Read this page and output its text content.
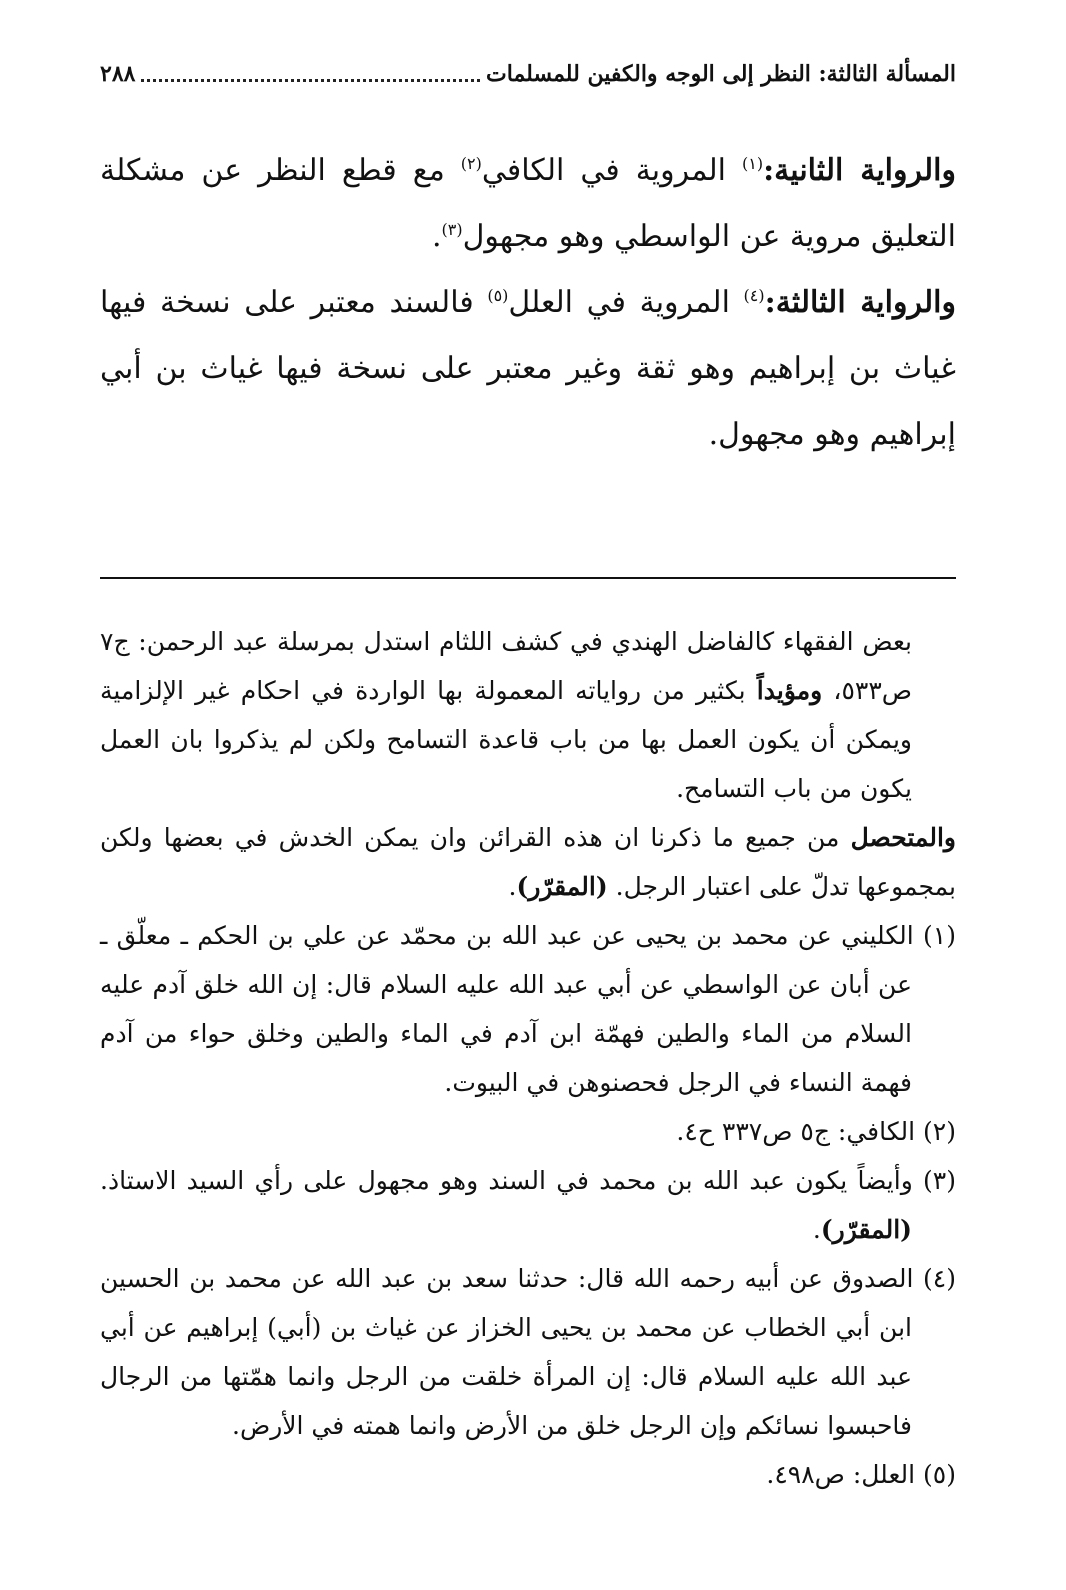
المسألة الثالثة: النظر إلى الوجه والكفين للمسلمات
٢٨٨

والرواية الثانية:$^{(١)}$ المروية في الكافي$^{(٢)}$ مع قطع النظر عن مشكلة التعليق مروية عن الواسطي وهو مجهول$^{(٣)}$.

والرواية الثالثة:$^{(٤)}$ المروية في العلل$^{(٥)}$ فالسند معتبر على نسخة فيها غياث بن إبراهيم وهو ثقة وغير معتبر على نسخة فيها غياث بن أبي إبراهيم وهو مجهول.

بعض الفقهاء كالفاضل الهندي في كشف اللثام استدل بمرسلة عبد الرحمن: ج٧ ص٥٣٣، ومؤيداً بكثير من رواياته المعمولة بها الواردة في احكام غير الإلزامية ويمكن أن يكون العمل بها من باب قاعدة التسامح ولكن لم يذكروا بان العمل يكون من باب التسامح.

والمتحصل من جميع ما ذكرنا ان هذه القرائن وان يمكن الخدش في بعضها ولكن بمجموعها تدلّ على اعتبار الرجل. (المقرّر).

(١) الكليني عن محمد بن يحيى عن عبد الله بن محمّد عن علي بن الحكم ـ معلّق ـ عن أبان عن الواسطي عن أبي عبد الله عليه السلام قال: إن الله خلق آدم عليه السلام من الماء والطين فهمّة ابن آدم في الماء والطين وخلق حواء من آدم فهمة النساء في الرجل فحصنوهن في البيوت.

(٢) الكافي: ج٥ ص٣٣٧ ح٤.

(٣) وأيضاً يكون عبد الله بن محمد في السند وهو مجهول على رأي السيد الاستاذ. (المقرّر).

(٤) الصدوق عن أبيه رحمه الله قال: حدثنا سعد بن عبد الله عن محمد بن الحسين ابن أبي الخطاب عن محمد بن يحيى الخزاز عن غياث بن (أبي) إبراهيم عن أبي عبد الله عليه السلام قال: إن المرأة خلقت من الرجل وانما همّتها من الرجال فاحبسوا نسائكم وإن الرجل خلق من الأرض وانما همته في الأرض.

(٥) العلل: ص٤٩٨.
